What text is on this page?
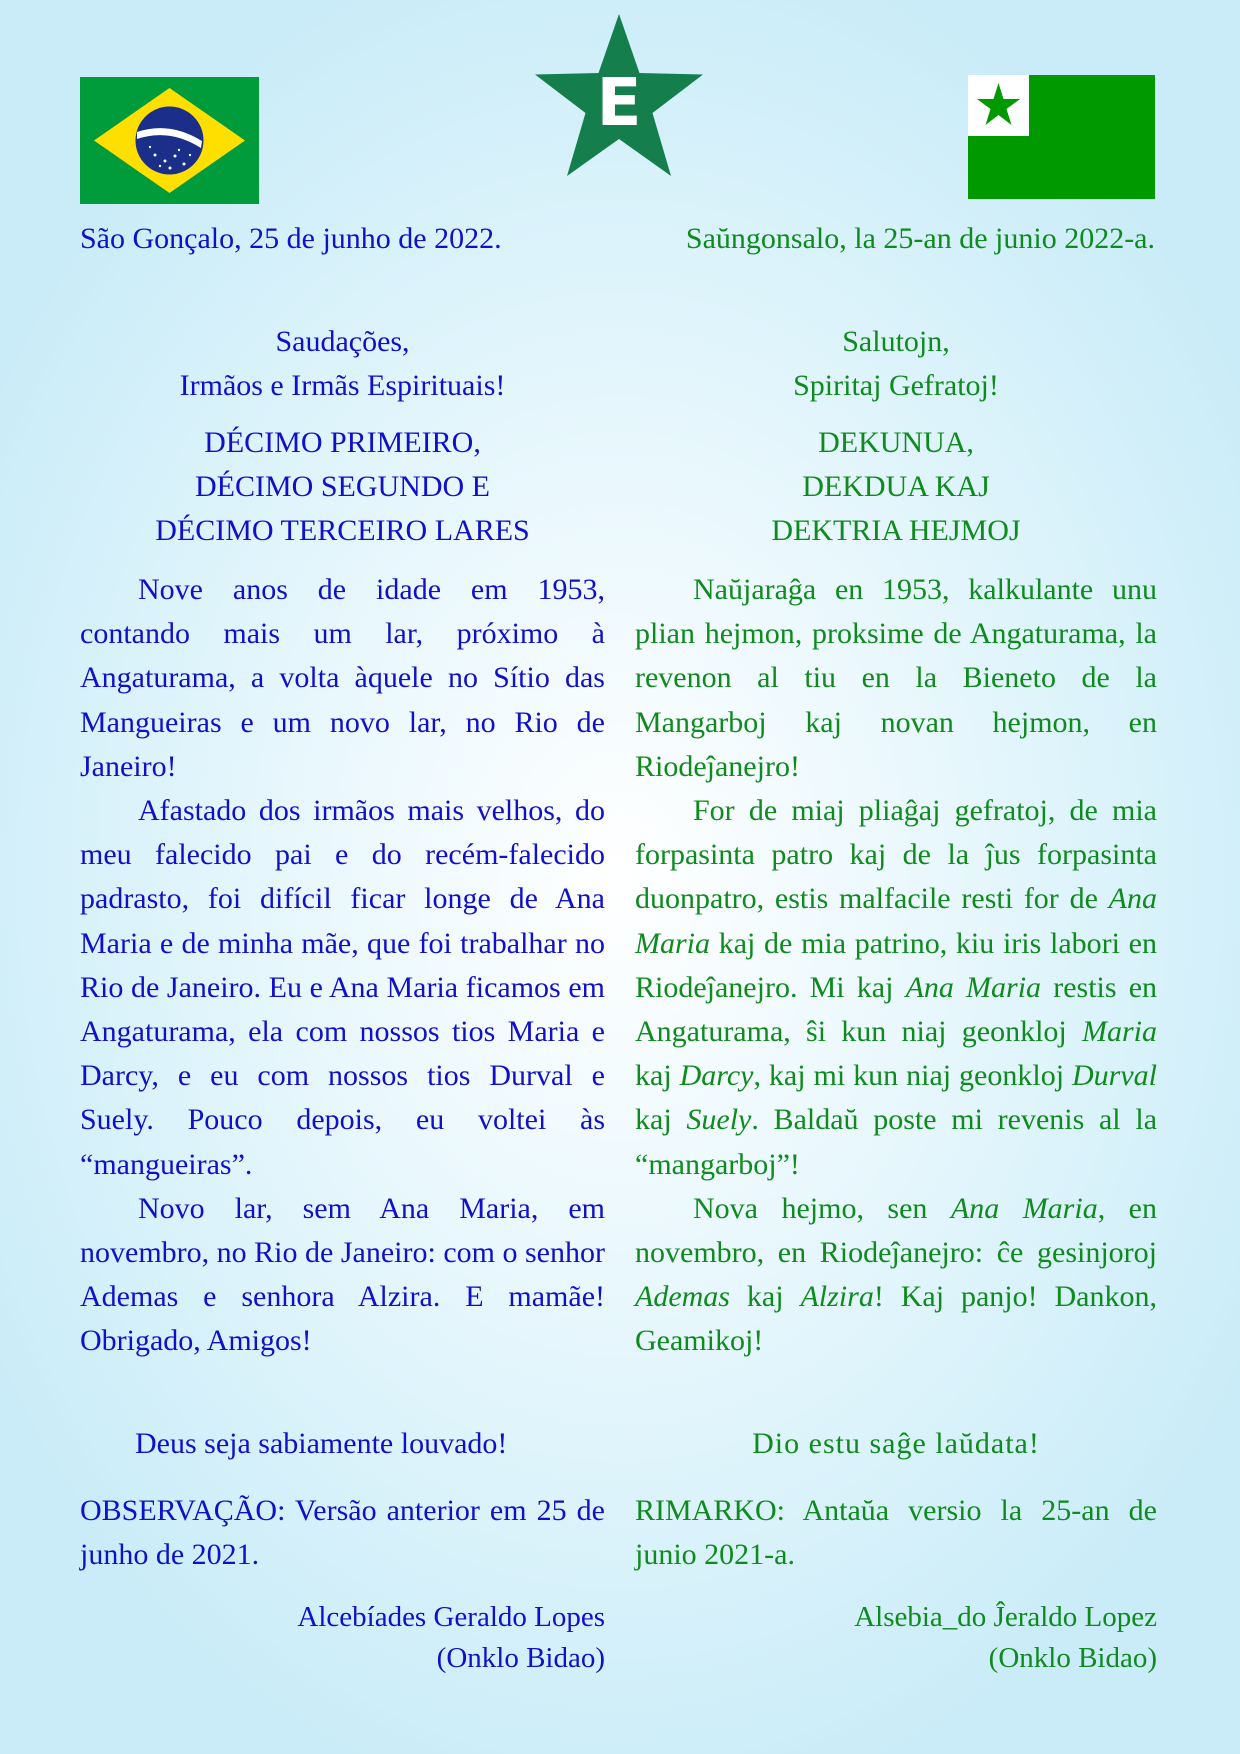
E
São Gonçalo, 25 de junho de 2022.	Saŭngonsalo, la 25-an de junio 2022-a.
Saudações,
Irmãos e Irmãs Espirituais!
DÉCIMO PRIMEIRO,
DÉCIMO SEGUNDO E
DÉCIMO TERCEIRO LARES

Nove anos de idade em 1953, contando mais um lar, próximo à Angaturama, a volta àquele no Sítio das Mangueiras e um novo lar, no Rio de Janeiro!

Afastado dos irmãos mais velhos, do meu falecido pai e do recém-falecido padrasto, foi difícil ficar longe de Ana Maria e de minha mãe, que foi trabalhar no Rio de Janeiro. Eu e Ana Maria ficamos em Angaturama, ela com nossos tios Maria e Darcy, e eu com nossos tios Durval e Suely. Pouco depois, eu voltei às

“mangueiras”.

Novo lar, sem Ana Maria, em novembro, no Rio de Janeiro: com o senhor Ademas e senhora Alzira. E mamãe! Obrigado, Amigos!

Deus seja sabiamente louvado!
OBSERVAÇÃO: Versão anterior em 25 de junho de 2021.
Alcebíades Geraldo Lopes
(Onklo Bidao)
Salutojn,
Spiritaj Gefratoj!
DEKUNUA,
DEKDUA KAJ
DEKTRIA HEJMOJ

Naŭjaraĝa en 1953, kalkulante unu plian hejmon, proksime de Angaturama, la revenon al tiu en la Bieneto de la Mangarboj kaj novan hejmon, en Riodeĵanejro!

For de miaj pliaĝaj gefratoj, de mia forpasinta patro kaj de la ĵus forpasinta duonpatro, estis malfacile resti for de Ana Maria kaj de mia patrino, kiu iris labori en Riodeĵanejro. Mi kaj Ana Maria restis en Angaturama, ŝi kun niaj geonkloj Maria kaj Darcy, kaj mi kun niaj geonkloj Durval kaj Suely. Baldaŭ poste mi revenis al la “mangarboj”!

Nova hejmo, sen Ana Maria, en novembro, en Riodeĵanejro: ĉe gesinjoroj Ademas kaj Alzira! Kaj panjo! Dankon, Geamikoj!

Dio estu saĝe laŭdata!
RIMARKO: Antaŭa versio la 25-an de junio 2021-a.
Alsebia_do Ĵeraldo Lopez
(Onklo Bidao)
